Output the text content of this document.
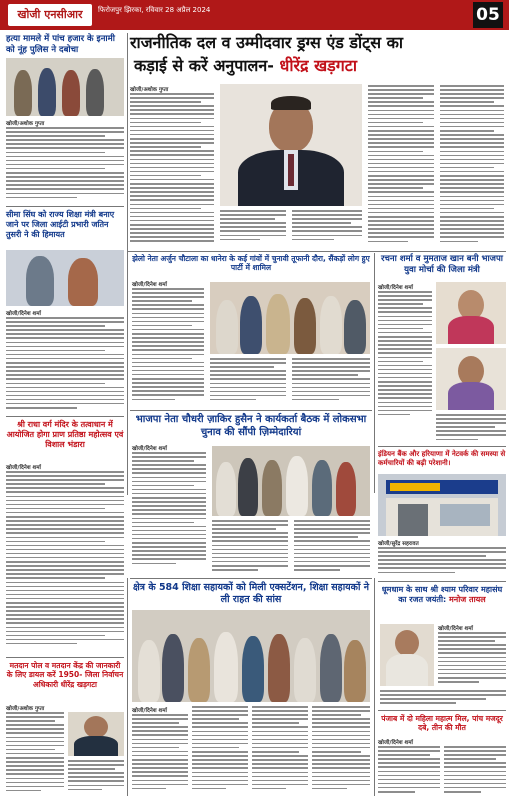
खोजी एनसीआर	फिरोजपुर झिरका, रविवार 28 अप्रैल 2024	05
हत्या मामले में पांच हजार के इनामी को नूंह पुलिस ने दबोचा
खोजी/अशोक गुप्ता
राजनीतिक दल व उम्मीदवार ड्रग्स एंड डोंट्स का
कड़ाई से करें अनुपालन- धीरेंद्र खड़गटा
खोजी/अशोक गुप्ता
सीमा सिंघ को राज्य शिक्षा मंत्री बनाए जाने पर जिला आईटी प्रभारी जतिन तुसरी ने की हिमायत
खोजी/दिनेश शर्मा
झेलो नेता अर्जुन चौटाला का धानेरा के कई गांवों में चुनावी तूफानी दौरा, सैंकड़ों लोग हुए पार्टी में शामिल
खोजी/दिनेश शर्मा
रचना शर्मा व मुमताज खान बनी भाजपा युवा मोर्चा की जिला मंत्री
खोजी/दिनेश शर्मा
श्री राधा वर्ग मंदिर के तत्वाधान में आयोजित होगा प्राण प्रतिष्ठा महोत्सव एवं विशाल भंडारा
खोजी/दिनेश शर्मा
भाजपा नेता चौधरी ज़ाकिर हुसैन ने कार्यकर्ता बैठक में लोकसभा चुनाव की सौंपी ज़िम्मेदारियां
खोजी/दिनेश शर्मा
इंडियन बैंक और हरियाणा में नेटवर्क की समस्या से कर्मचारियों की बढ़ी परेशानी।
खोजी/सुरेंद्र सहरावत
मतदान पोल व मतदान केंद्र की जानकारी के लिए डायल करें 1950- जिला निर्वाचन अधिकारी धीरेंद्र खड़गटा
खोजी/अशोक गुप्ता
क्षेत्र के 584 शिक्षा सहायकों को मिली एक्सटेंशन, शिक्षा सहायकों ने ली राहत की सांस
खोजी/दिनेश शर्मा
धूमधाम के साथ श्री श्याम परिवार महासंघ का रजत जयंती: मनोज तायल
खोजी/दिनेश शर्मा
पंजाब में दो महिला महात्म मिल, पांच मजदूर दबे, तीन की मौत
खोजी/दिनेश शर्मा
